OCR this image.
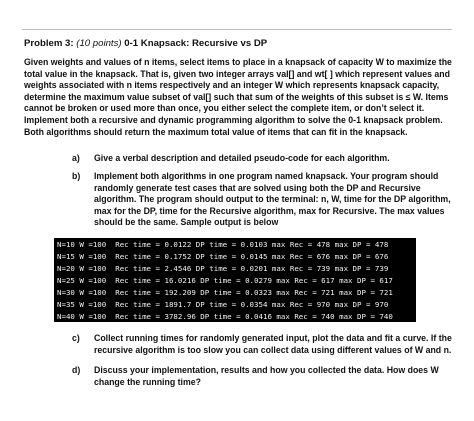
Problem 3: (10 points) 0-1 Knapsack: Recursive vs DP
Given weights and values of n items, select items to place in a knapsack of capacity W to maximize the
total value in the knapsack. That is, given two integer arrays val[] and wt[ ] which represent values and
weights associated with n items respectively and an integer W which represents knapsack capacity,
determine the maximum value subset of val[] such that sum of the weights of this subset is ≤ W. Items
cannot be broken or used more than once, you either select the complete item, or don’t select it.
Implement both a recursive and dynamic programming algorithm to solve the 0-1 knapsack problem.
Both algorithms should return the maximum total value of items that can fit in the knapsack.
a) Give a verbal description and detailed pseudo-code for each algorithm.
b) Implement both algorithms in one program named knapsack. Your program should
randomly generate test cases that are solved using both the DP and Recursive
algorithm. The program should output to the terminal: n, W, time for the DP algorithm,
max for the DP, time for the Recursive algorithm, max for Recursive. The max values
should be the same. Sample output is below
N=10 W =100  Rec time = 0.0122 DP time = 0.0103 max Rec = 478 max DP = 478
N=15 W =100  Rec time = 0.1752 DP time = 0.0145 max Rec = 676 max DP = 676
N=20 W =100  Rec time = 2.4546 DP time = 0.0201 max Rec = 739 max DP = 739
N=25 W =100  Rec time = 16.0216 DP time = 0.0279 max Rec = 617 max DP = 617
N=30 W =100  Rec time = 192.209 DP time = 0.0323 max Rec = 721 max DP = 721
N=35 W =100  Rec time = 1891.7 DP time = 0.0354 max Rec = 970 max DP = 970
N=40 W =100  Rec time = 3782.96 DP time = 0.0416 max Rec = 740 max DP = 740
c) Collect running times for randomly generated input, plot the data and fit a curve. If the
recursive algorithm is too slow you can collect data using different values of W and n.
d) Discuss your implementation, results and how you collected the data. How does W
change the running time?
